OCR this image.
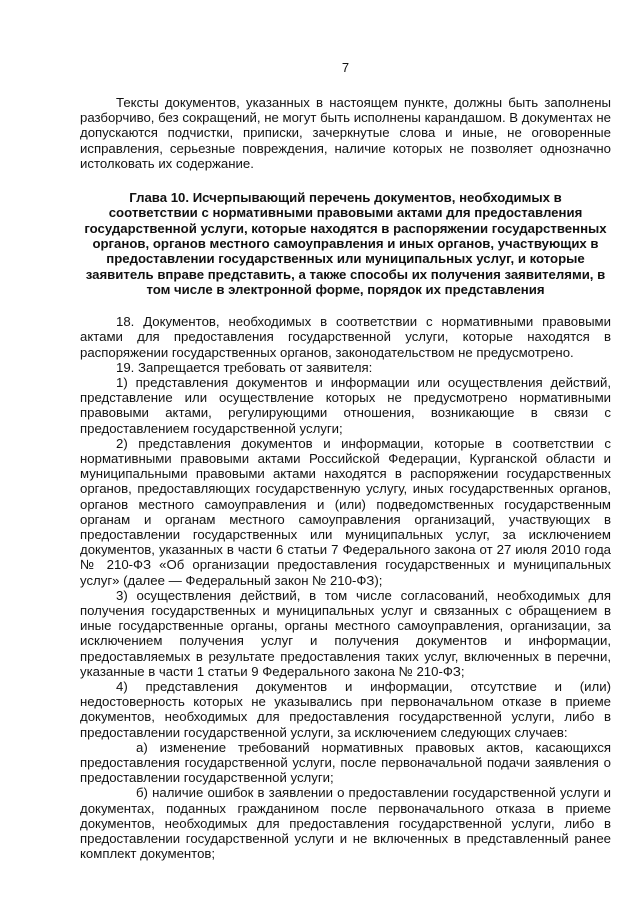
7

Тексты документов, указанных в настоящем пункте, должны быть заполнены разборчиво, без сокращений, не могут быть исполнены карандашом. В документах не допускаются подчистки, приписки, зачеркнутые слова и иные, не оговоренные исправления, серьезные повреждения, наличие которых не позволяет однозначно истолковать их содержание.

Глава 10. Исчерпывающий перечень документов, необходимых в соответствии с нормативными правовыми актами для предоставления государственной услуги, которые находятся в распоряжении государственных органов, органов местного самоуправления и иных органов, участвующих в предоставлении государственных или муниципальных услуг, и которые заявитель вправе представить, а также способы их получения заявителями, в том числе в электронной форме, порядок их представления

18. Документов, необходимых в соответствии с нормативными правовыми актами для предоставления государственной услуги, которые находятся в распоряжении государственных органов, законодательством не предусмотрено.

19. Запрещается требовать от заявителя:

1) представления документов и информации или осуществления действий, представление или осуществление которых не предусмотрено нормативными правовыми актами, регулирующими отношения, возникающие в связи с предоставлением государственной услуги;

2) представления документов и информации, которые в соответствии с нормативными правовыми актами Российской Федерации, Курганской области и муниципальными правовыми актами находятся в распоряжении государственных органов, предоставляющих государственную услугу, иных государственных органов, органов местного самоуправления и (или) подведомственных государственным органам и органам местного самоуправления организаций, участвующих в предоставлении государственных или муниципальных услуг, за исключением документов, указанных в части 6 статьи 7 Федерального закона от 27 июля 2010 года № 210-ФЗ «Об организации предоставления государственных и муниципальных услуг» (далее — Федеральный закон № 210-ФЗ);

3) осуществления действий, в том числе согласований, необходимых для получения государственных и муниципальных услуг и связанных с обращением в иные государственные органы, органы местного самоуправления, организации, за исключением получения услуг и получения документов и информации, предоставляемых в результате предоставления таких услуг, включенных в перечни, указанные в части 1 статьи 9 Федерального закона № 210-ФЗ;

4) представления документов и информации, отсутствие и (или) недостоверность которых не указывались при первоначальном отказе в приеме документов, необходимых для предоставления государственной услуги, либо в предоставлении государственной услуги, за исключением следующих случаев:

а) изменение требований нормативных правовых актов, касающихся предоставления государственной услуги, после первоначальной подачи заявления о предоставлении государственной услуги;

б) наличие ошибок в заявлении о предоставлении государственной услуги и документах, поданных гражданином после первоначального отказа в приеме документов, необходимых для предоставления государственной услуги, либо в предоставлении государственной услуги и не включенных в представленный ранее комплект документов;
